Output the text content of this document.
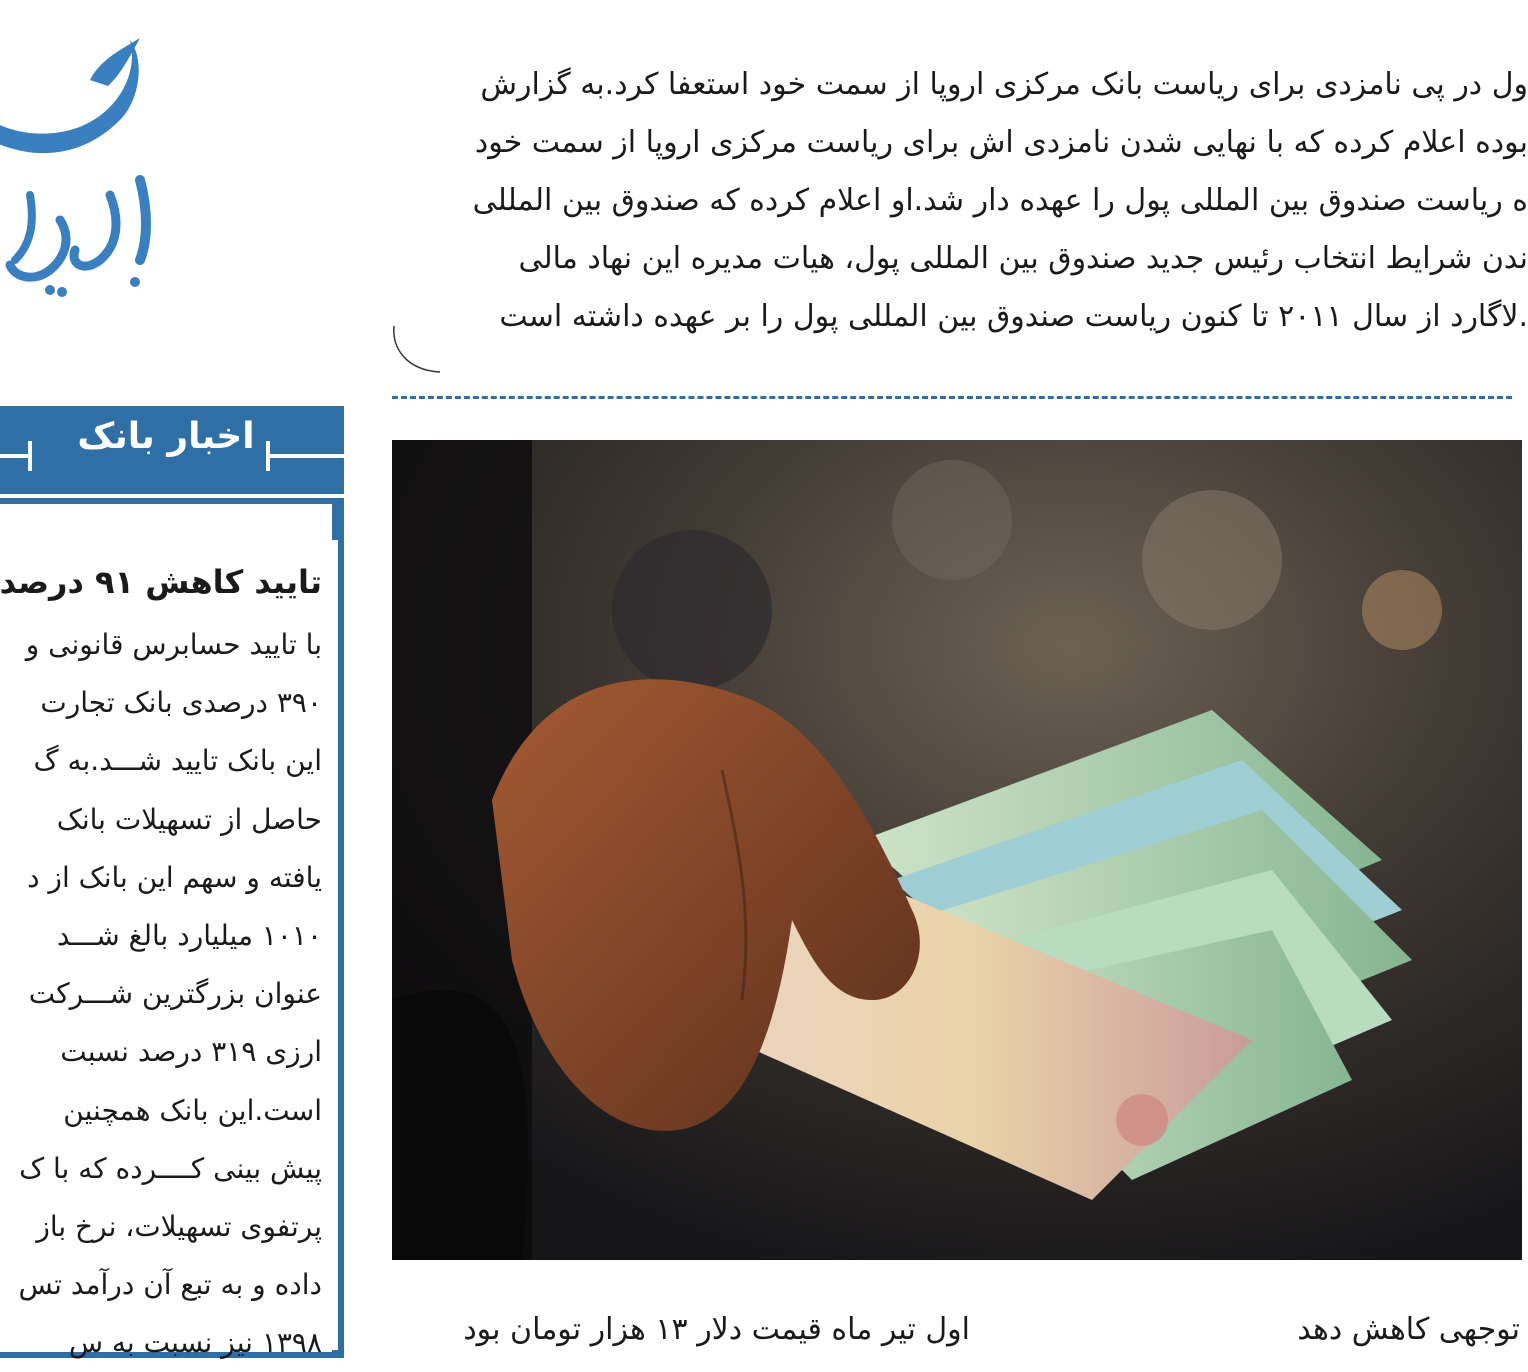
اخبار بانک

تایید کاهش ۹۱ درصد

با تایید حسابرس قانونی و

۳۹۰ درصدی بانک تجارت

این بانک تایید شـــد.به گ

حاصل از تسهیلات بانک

یافته و سهم این بانک از د

۱۰۱۰ میلیارد بالغ شـــد

عنوان بزرگترین شـــرکت

ارزی ۳۱۹ درصد نسبت

است.این بانک همچنین

پیش بینی کــــرده که با ک

پرتفوی تسهیلات، نرخ باز

داده و به تبع آن درآمد تس

۱۳۹۸ نیز نسبت به س

ول در پی نامزدی برای ریاست بانک مرکزی اروپا از سمت خود استعفا کرد.به گزارش

بوده اعلام کرده که با نهایی شدن نامزدی اش برای ریاست مرکزی اروپا از سمت خود

ه ریاست صندوق بین المللی پول را عهده دار شد.او اعلام کرده که صندوق بین المللی

ندن شرایط انتخاب رئیس جدید صندوق بین المللی پول، هیات مدیره این نهاد مالی

.لاگارد از سال ۲۰۱۱ تا کنون ریاست صندوق بین المللی پول را بر عهده داشته است

توجهی کاهش دهد
اول تیر ماه قیمت دلار ۱۳ هزار تومان بود
